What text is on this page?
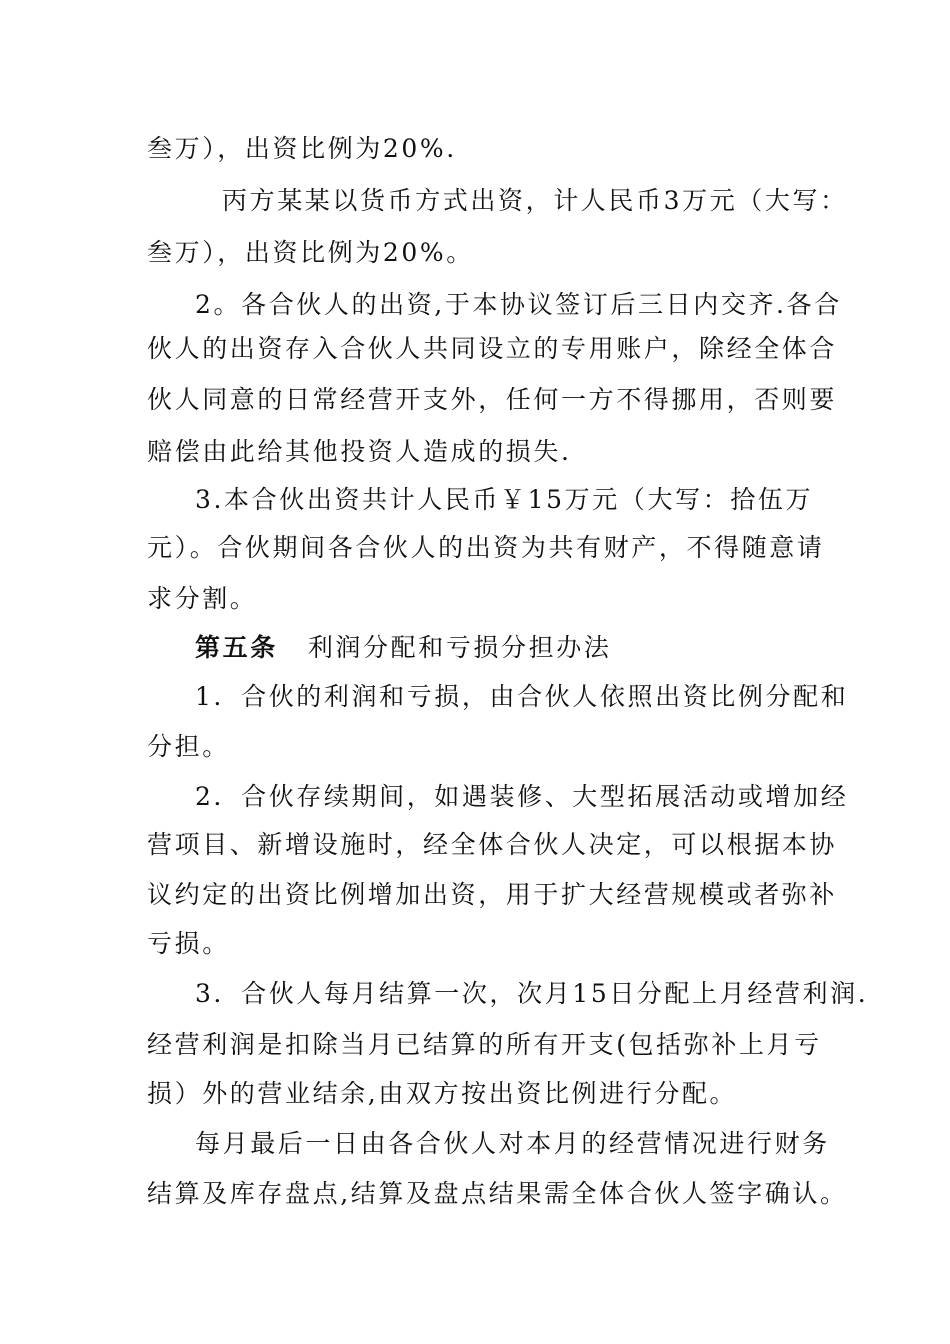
叁万），出资比例为20%.
丙方某某以货币方式出资，计人民币3万元（大写：
叁万），出资比例为20%。
2。各合伙人的出资,于本协议签订后三日内交齐.各合
伙人的出资存入合伙人共同设立的专用账户，除经全体合
伙人同意的日常经营开支外，任何一方不得挪用，否则要
赔偿由此给其他投资人造成的损失.
3.本合伙出资共计人民币￥15万元（大写：拾伍万
元）。合伙期间各合伙人的出资为共有财产，不得随意请
求分割。
第五条 利润分配和亏损分担办法
1．合伙的利润和亏损，由合伙人依照出资比例分配和
分担。
2．合伙存续期间，如遇装修、大型拓展活动或增加经
营项目、新增设施时，经全体合伙人决定，可以根据本协
议约定的出资比例增加出资，用于扩大经营规模或者弥补
亏损。
3．合伙人每月结算一次，次月15日分配上月经营利润.
经营利润是扣除当月已结算的所有开支(包括弥补上月亏
损）外的营业结余,由双方按出资比例进行分配。
每月最后一日由各合伙人对本月的经营情况进行财务
结算及库存盘点,结算及盘点结果需全体合伙人签字确认。
